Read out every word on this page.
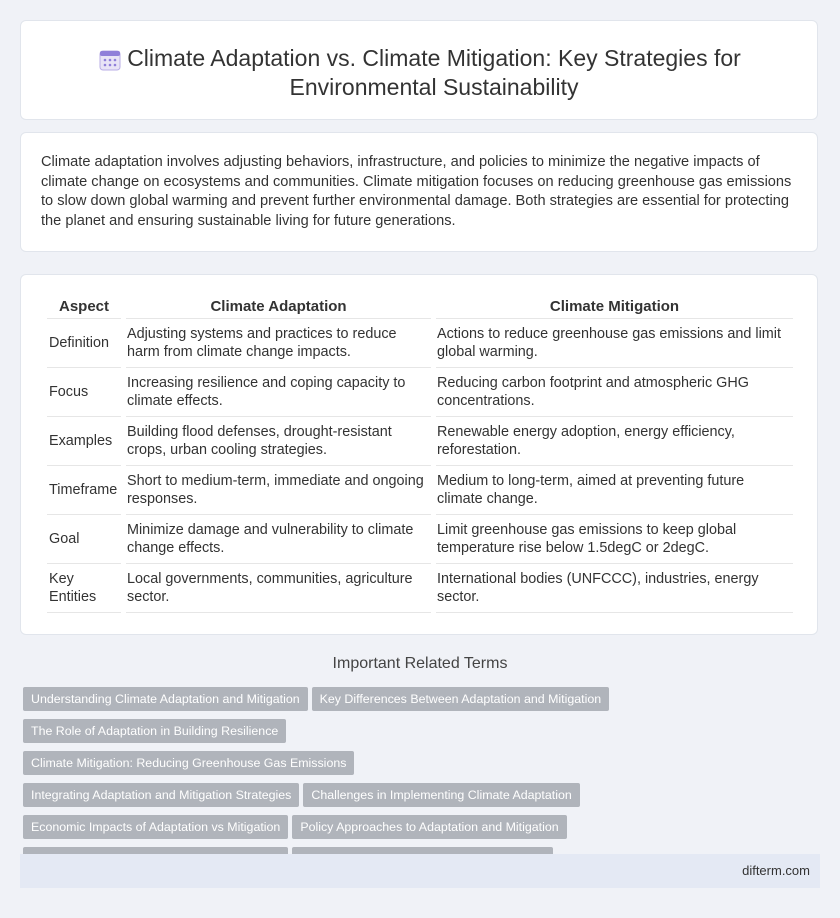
Climate Adaptation vs. Climate Mitigation: Key Strategies for Environmental Sustainability

Climate adaptation involves adjusting behaviors, infrastructure, and policies to minimize the negative impacts of climate change on ecosystems and communities. Climate mitigation focuses on reducing greenhouse gas emissions to slow down global warming and prevent further environmental damage. Both strategies are essential for protecting the planet and ensuring sustainable living for future generations.

Aspect	Climate Adaptation	Climate Mitigation
Definition	Adjusting systems and practices to reduce harm from climate change impacts.	Actions to reduce greenhouse gas emissions and limit global warming.
Focus	Increasing resilience and coping capacity to climate effects.	Reducing carbon footprint and atmospheric GHG concentrations.
Examples	Building flood defenses, drought-resistant crops, urban cooling strategies.	Renewable energy adoption, energy efficiency, reforestation.
Timeframe	Short to medium-term, immediate and ongoing responses.	Medium to long-term, aimed at preventing future climate change.
Goal	Minimize damage and vulnerability to climate change effects.	Limit greenhouse gas emissions to keep global temperature rise below 1.5degC or 2degC.
Key Entities	Local governments, communities, agriculture sector.	International bodies (UNFCCC), industries, energy sector.
Important Related Terms
Understanding Climate Adaptation and Mitigation Key Differences Between Adaptation and Mitigation The Role of Adaptation in Building ResilienceClimate Mitigation: Reducing Greenhouse Gas Emissions Integrating Adaptation and Mitigation Strategies Challenges in Implementing Climate Adaptation Economic Impacts of Adaptation vs Mitigation Policy Approaches to Adaptation and Mitigation
difterm.com
